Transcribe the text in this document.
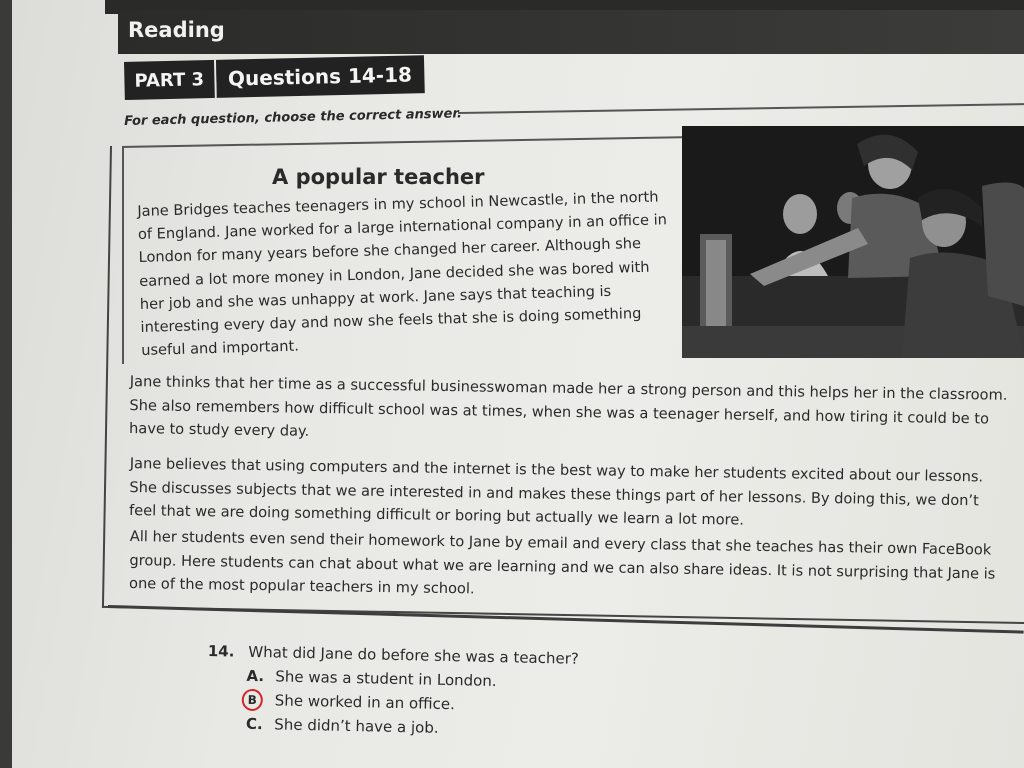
Reading
PART 3	Questions 14-18
For each question, choose the correct answer.
A popular teacher
Jane Bridges teaches teenagers in my school in Newcastle, in the north of England. Jane worked for a large international company in an office in London for many years before she changed her career. Although she earned a lot more money in London, Jane decided she was bored with her job and she was unhappy at work. Jane says that teaching is interesting every day and now she feels that she is doing something useful and important.
Jane thinks that her time as a successful businesswoman made her a strong person and this helps her in the classroom. She also remembers how difficult school was at times, when she was a teenager herself, and how tiring it could be to have to study every day.
Jane believes that using computers and the internet is the best way to make her students excited about our lessons. She discusses subjects that we are interested in and makes these things part of her lessons. By doing this, we don’t feel that we are doing something difficult or boring but actually we learn a lot more.
All her students even send their homework to Jane by email and every class that she teaches has their own FaceBook group. Here students can chat about what we are learning and we can also share ideas. It is not surprising that Jane is one of the most popular teachers in my school.
14. What did Jane do before she was a teacher?
A. She was a student in London.
B	She worked in an office.
C. She didn’t have a job.
